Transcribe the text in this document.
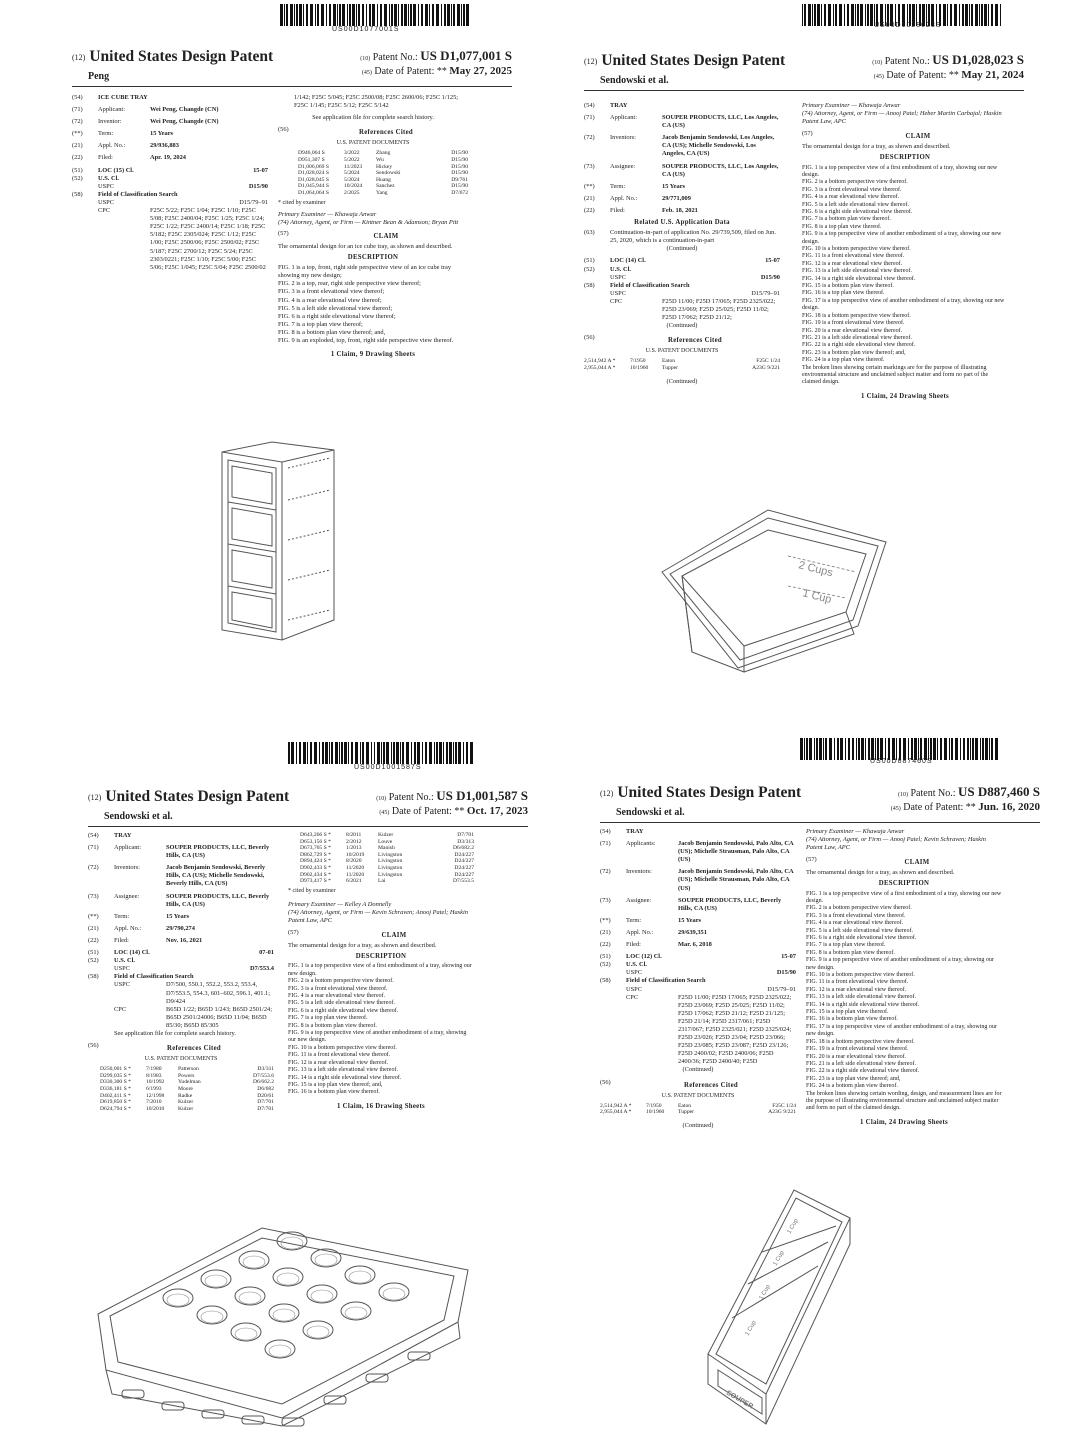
US00D1077001S
(12) United States Design Patent
Peng
(10) Patent No.: US D1,077,001 S
(45) Date of Patent: ** May 27, 2025
(54)	ICE CUBE TRAY
(71)	Applicant:	Wei Peng, Changde (CN)
(72)	Inventor:	Wei Peng, Changde (CN)
(**)	Term:	15 Years
(21)	Appl. No.:	29/936,883
(22)	Filed:	Apr. 19, 2024
(51)	LOC (15) Cl.	15-07
(52)	U.S. Cl.
USPC	D15/90
(58)	Field of Classification Search
USPC	D15/79–91
CPC	F25C 5/22; F25C 1/04; F25C 1/10; F25C 5/08; F25C 2400/04; F25C 1/25; F25C 1/24; F25C 1/22; F25C 2400/14; F25C 1/18; F25C 5/182; F25C 2305/024; F25C 1/12; F25C 1/00; F25C 2500/06; F25C 2500/02; F25C 5/187; F25C 2700/12; F25C 5/24; F25C 2303/0221; F25C 1/10; F25C 5/00; F25C 5/06; F25C 1/045; F25C 5/04; F25C 2500/02
1/142; F25C 5/045; F25C 2500/08; F25C 2600/06; F25C 1/125; F25C 1/145; F25C 5/12; F25C 5/142
See application file for complete search history.
(56)	References Cited
U.S. PATENT DOCUMENTS
D946,064 S	3/2022	Zhang	D15/90
D951,307 S	5/2022	Wu	D15/90
D1,006,069 S	11/2023	Hickey	D15/90
D1,028,024 S	5/2024	Sendowski	D15/90
D1,028,045 S	5/2024	Huang	D9/761
D1,045,944 S	10/2024	Sanchez	D15/90
D1,064,064 S	2/2025	Yang	D7/672
* cited by examiner
Primary Examiner — Khawaja Anwar
(74) Attorney, Agent, or Firm — Kintner Bean & Adamson; Bryan Pitt
(57)	CLAIM
The ornamental design for an ice cube tray, as shown and described.
DESCRIPTION
FIG. 1 is a top, front, right side perspective view of an ice cube tray showing my new design;
FIG. 2 is a top, rear, right side perspective view thereof;
FIG. 3 is a front elevational view thereof;
FIG. 4 is a rear elevational view thereof;
FIG. 5 is a left side elevational view thereof;
FIG. 6 is a right side elevational view thereof;
FIG. 7 is a top plan view thereof;
FIG. 8 is a bottom plan view thereof; and,
FIG. 9 is an exploded, top, front, right side perspective view thereof.
1 Claim, 9 Drawing Sheets
US00D1028023S
(12) United States Design Patent
Sendowski et al.
(10) Patent No.: US D1,028,023 S
(45) Date of Patent: ** May 21, 2024
(54)	TRAY
(71)	Applicant:	SOUPER PRODUCTS, LLC, Los Angeles, CA (US)
(72)	Inventors:	Jacob Benjamin Sendowski, Los Angeles, CA (US); Michelle Sendowski, Los Angeles, CA (US)
(73)	Assignee:	SOUPER PRODUCTS, LLC, Los Angeles, CA (US)
(**)	Term:	15 Years
(21)	Appl. No.:	29/771,009
(22)	Filed:	Feb. 18, 2021
Related U.S. Application Data
(63)	Continuation-in-part of application No. 29/739,509, filed on Jun. 25, 2020, which is a continuation-in-part
(Continued)
(51)	LOC (14) Cl.	15-07
(52)	U.S. Cl.
USPC	D15/90
(58)	Field of Classification Search
USPC	D15/79–91
CPC	F25D 11/00; F25D 17/065; F25D 2325/022; F25D 23/069; F25D 25/025; F25D 11/02; F25D 17/062; F25D 21/12;
(Continued)
(56)	References Cited
U.S. PATENT DOCUMENTS
2,514,942 A *	7/1950	Eaton	F25C 1/24
2,955,044 A *	10/1960	Tupper	A23G 9/221
(Continued)
Primary Examiner — Khawaja Anwar
(74) Attorney, Agent, or Firm — Anooj Patel; Heber Martin Carbajal; Haskin Patent Law, APC
(57)	CLAIM
The ornamental design for a tray, as shown and described.
DESCRIPTION
FIG. 1 is a top perspective view of a first embodiment of a tray, showing our new design.
FIG. 2 is a bottom perspective view thereof.
FIG. 3 is a front elevational view thereof.
FIG. 4 is a rear elevational view thereof.
FIG. 5 is a left side elevational view thereof.
FIG. 6 is a right side elevational view thereof.
FIG. 7 is a bottom plan view thereof.
FIG. 8 is a top plan view thereof.
FIG. 9 is a top perspective view of another embodiment of a tray, showing our new design.
FIG. 10 is a bottom perspective view thereof.
FIG. 11 is a front elevational view thereof.
FIG. 12 is a rear elevational view thereof.
FIG. 13 is a left side elevational view thereof.
FIG. 14 is a right side elevational view thereof.
FIG. 15 is a bottom plan view thereof.
FIG. 16 is a top plan view thereof.
FIG. 17 is a top perspective view of another embodiment of a tray, showing our new design.
FIG. 18 is a bottom perspective view thereof.
FIG. 19 is a front elevational view thereof.
FIG. 20 is a rear elevational view thereof.
FIG. 21 is a left side elevational view thereof.
FIG. 22 is a right side elevational view thereof.
FIG. 23 is a bottom plan view thereof; and,
FIG. 24 is a top plan view thereof.
The broken lines showing certain markings are for the purpose of illustrating environmental structure and unclaimed subject matter and form no part of the claimed design.
1 Claim, 24 Drawing Sheets
2 Cups
1 Cup
US00D1001587S
(12) United States Design Patent
Sendowski et al.
(10) Patent No.: US D1,001,587 S
(45) Date of Patent: ** Oct. 17, 2023
(54)	TRAY
(71)	Applicant:	SOUPER PRODUCTS, LLC, Beverly Hills, CA (US)
(72)	Inventors:	Jacob Benjamin Sendowski, Beverly Hills, CA (US); Michelle Sendowski, Beverly Hills, CA (US)
(73)	Assignee:	SOUPER PRODUCTS, LLC, Beverly Hills, CA (US)
(**)	Term:	15 Years
(21)	Appl. No.:	29/790,274
(22)	Filed:	Nov. 16, 2021
(51)	LOC (14) Cl.	07-01
(52)	U.S. Cl.
USPC	D7/553.4
(58)	Field of Classification Search
USPC	D7/500, 550.1, 552.2, 553.2, 553.4, D7/553.5, 554.3, 601–602, 596.1, 401.1; D9/424
CPC	B65D 1/22; B65D 1/243; B65D 2501/24; B65D 2501/24006; B65D 11/04; B65D 85/30; B65D 85/305
See application file for complete search history.
(56)	References Cited
U.S. PATENT DOCUMENTS
D250,001 S *	7/1980	Patterson	D3/311
D299,035 S *	8/1983	Powers	D7/553.6
D330,300 S *	10/1992	Yudelman	D6/662.2
D336,181 S *	6/1993	Moore	D6/682
D402,411 S *	12/1998	Radke	D20/61
D619,850 S *	7/2010	Kulzer	D7/701
D624,794 S *	10/2010	Kulzer	D7/701
D643,266 S *	8/2011	Kulzer	D7/701
D653,156 S *	2/2012	Louve	D3/313
D673,765 S *	1/2013	Manish	D6/682.2
D862,729 S *	10/2019	Livingston	D24/227
D894,424 S *	8/2020	Livingston	D24/227
D902,433 S *	11/2020	Livingston	D24/227
D902,434 S *	11/2020	Livingston	D24/227
D973,417 S *	6/2021	Lai	D7/553.5
* cited by examiner
Primary Examiner — Kelley A Donnelly
(74) Attorney, Agent, or Firm — Kevin Schraven; Anooj Patel; Haskin Patent Law, APC
(57)	CLAIM
The ornamental design for a tray, as shown and described.
DESCRIPTION
FIG. 1 is a top perspective view of a first embodiment of a tray, showing our new design.
FIG. 2 is a bottom perspective view thereof.
FIG. 3 is a front elevational view thereof.
FIG. 4 is a rear elevational view thereof.
FIG. 5 is a left side elevational view thereof.
FIG. 6 is a right side elevational view thereof.
FIG. 7 is a top plan view thereof.
FIG. 8 is a bottom plan view thereof.
FIG. 9 is a top perspective view of another embodiment of a tray, showing our new design.
FIG. 10 is a bottom perspective view thereof.
FIG. 11 is a front elevational view thereof.
FIG. 12 is a rear elevational view thereof.
FIG. 13 is a left side elevational view thereof.
FIG. 14 is a right side elevational view thereof.
FIG. 15 is a top plan view thereof; and,
FIG. 16 is a bottom plan view thereof.
1 Claim, 16 Drawing Sheets
US00D887460S
(12) United States Design Patent
Sendowski et al.
(10) Patent No.: US D887,460 S
(45) Date of Patent: ** Jun. 16, 2020
(54)	TRAY
(71)	Applicants:	Jacob Benjamin Sendowski, Palo Alto, CA (US); Michelle Strausman, Palo Alto, CA (US)
(72)	Inventors:	Jacob Benjamin Sendowski, Palo Alto, CA (US); Michelle Strausman, Palo Alto, CA (US)
(73)	Assignee:	SOUPER PRODUCTS, LLC, Beverly Hills, CA (US)
(**)	Term:	15 Years
(21)	Appl. No.:	29/639,351
(22)	Filed:	Mar. 6, 2018
(51)	LOC (12) Cl.	15-07
(52)	U.S. Cl.
USPC	D15/90
(58)	Field of Classification Search
USPC	D15/79–91
CPC	F25D 11/00; F25D 17/065; F25D 2325/022; F25D 23/069; F25D 25/025; F25D 11/02; F25D 17/062; F25D 21/12; F25D 21/125; F25D 21/14; F25D 2317/061; F25D 2317/067; F25D 2325/021; F25D 2325/024; F25D 23/026; F25D 23/04; F25D 23/066; F25D 23/085; F25D 23/087; F25D 23/126; F25D 2400/02; F25D 2400/06; F25D 2400/36; F25D 2400/40; F25D
(Continued)
(56)	References Cited
U.S. PATENT DOCUMENTS
2,514,942 A *	7/1950	Eaton	F25C 1/24
2,955,044 A *	10/1960	Tupper	A23G 9/221
(Continued)
Primary Examiner — Khawaja Anwar
(74) Attorney, Agent, or Firm — Anooj Patel; Kevin Schraven; Haskin Patent Law, APC
(57)	CLAIM
The ornamental design for a tray, as shown and described.
DESCRIPTION
FIG. 1 is a top perspective view of a first embodiment of a tray, showing our new design.
FIG. 2 is a bottom perspective view thereof.
FIG. 3 is a front elevational view thereof.
FIG. 4 is a rear elevational view thereof.
FIG. 5 is a left side elevational view thereof.
FIG. 6 is a right side elevational view thereof.
FIG. 7 is a top plan view thereof.
FIG. 8 is a bottom plan view thereof.
FIG. 9 is a top perspective view of another embodiment of a tray, showing our new design.
FIG. 10 is a bottom perspective view thereof.
FIG. 11 is a front elevational view thereof.
FIG. 12 is a rear elevational view thereof.
FIG. 13 is a left side elevational view thereof.
FIG. 14 is a right side elevational view thereof.
FIG. 15 is a top plan view thereof.
FIG. 16 is a bottom plan view thereof.
FIG. 17 is a top perspective view of another embodiment of a tray, showing our new design.
FIG. 18 is a bottom perspective view thereof.
FIG. 19 is a front elevational view thereof.
FIG. 20 is a rear elevational view thereof.
FIG. 21 is a left side elevational view thereof.
FIG. 22 is a right side elevational view thereof.
FIG. 23 is a top plan view thereof; and,
FIG. 24 is a bottom plan view thereof.
The broken lines showing certain wording, design, and measurement lines are for the purpose of illustrating environmental structure and unclaimed subject matter and form no part of the claimed design.
1 Claim, 24 Drawing Sheets
1 Cup
1 Cup
1 Cup
1 Cup
SOUPER
